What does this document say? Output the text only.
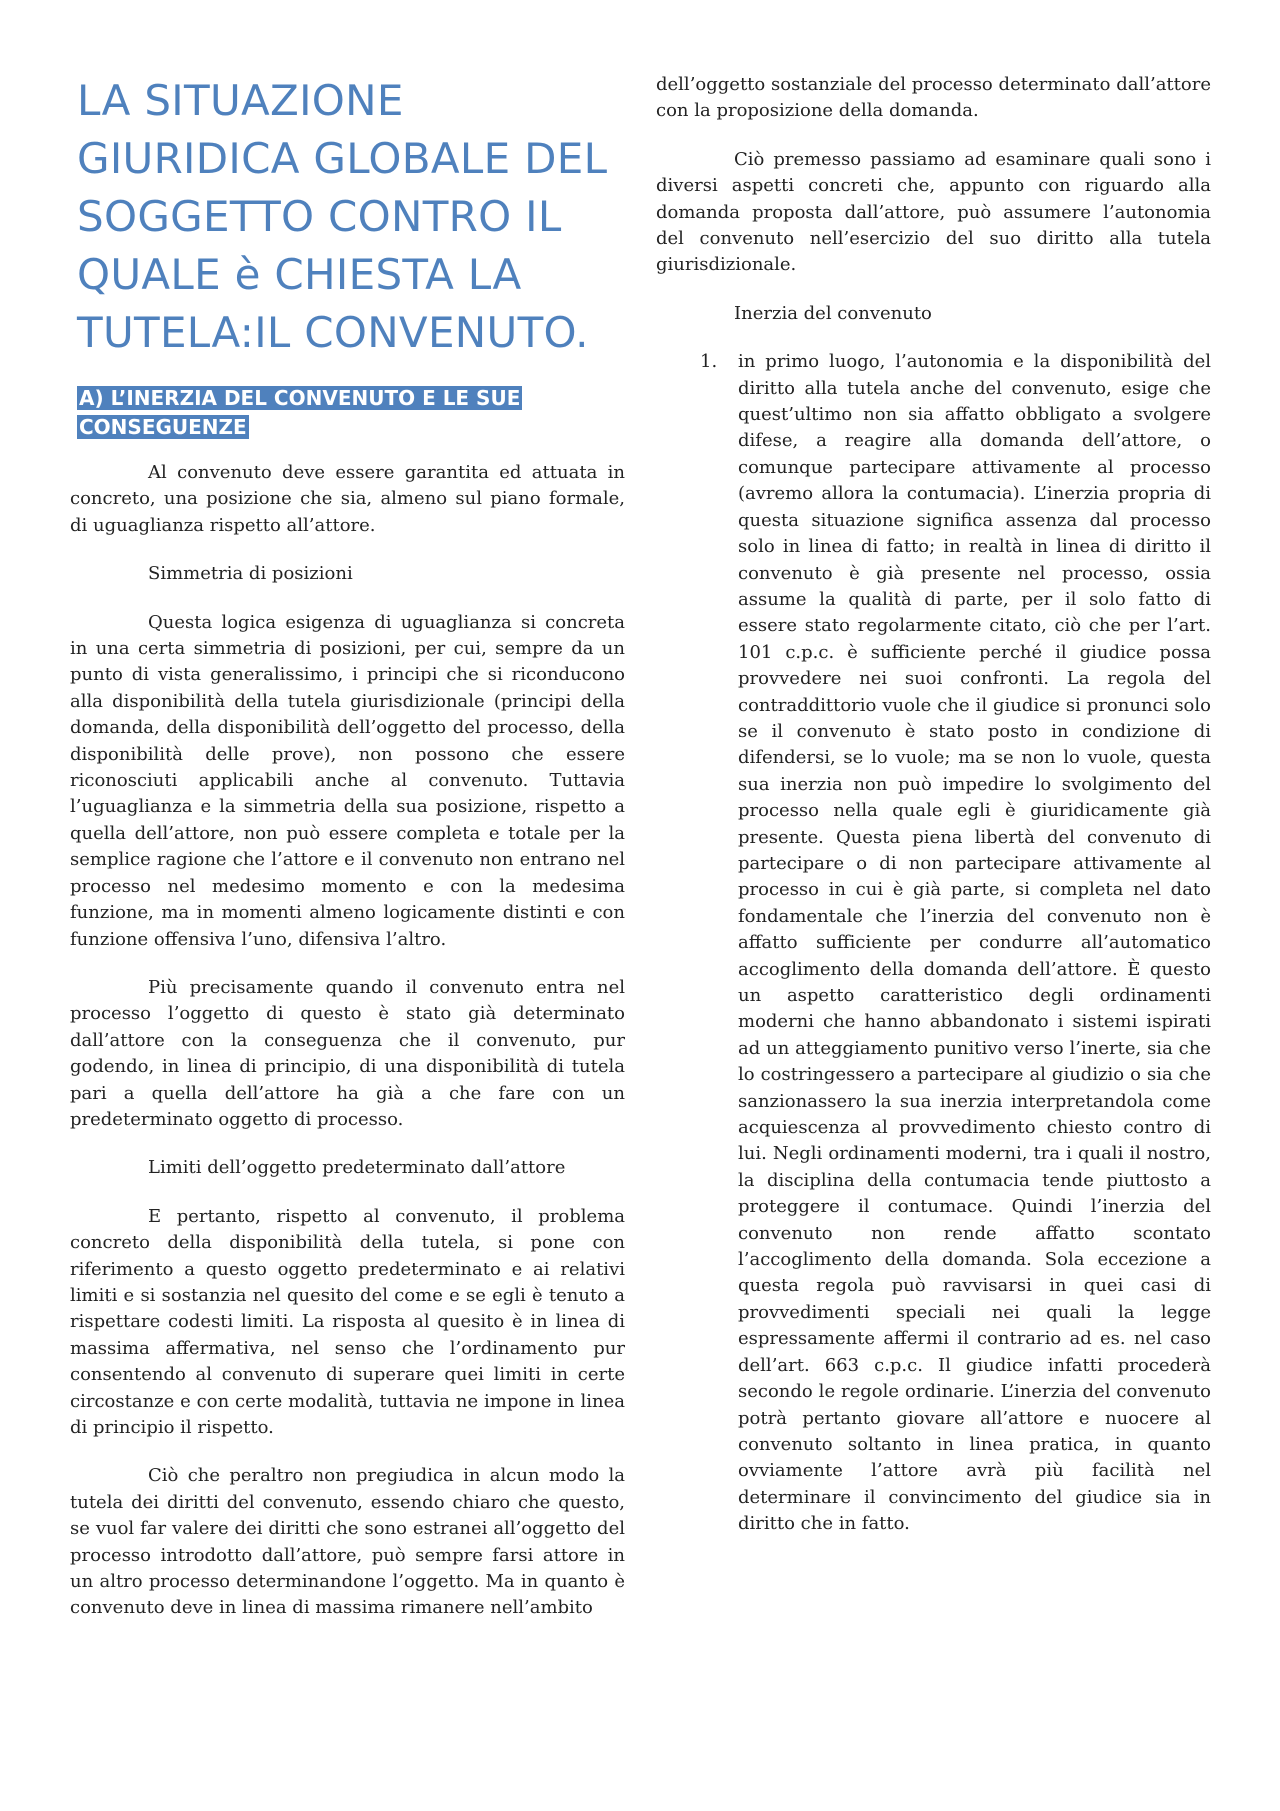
LA SITUAZIONE GIURIDICA GLOBALE DEL SOGGETTO CONTRO IL QUALE è CHIESTA LA TUTELA:IL CONVENUTO.
A) L’INERZIA DEL CONVENUTO E LE SUE CONSEGUENZE

Al convenuto deve essere garantita ed attuata in concreto, una posizione che sia, almeno sul piano formale, di uguaglianza rispetto all’attore.

Simmetria di posizioni

Questa logica esigenza di uguaglianza si concreta in una certa simmetria di posizioni, per cui, sempre da un punto di vista generalissimo, i principi che si riconducono alla disponibilità della tutela giurisdizionale (principi della domanda, della disponibilità dell’oggetto del processo, della disponibilità delle prove), non possono che essere riconosciuti applicabili anche al convenuto. Tuttavia l’uguaglianza e la simmetria della sua posizione, rispetto a quella dell’attore, non può essere completa e totale per la semplice ragione che l’attore e il convenuto non entrano nel processo nel medesimo momento e con la medesima funzione, ma in momenti almeno logicamente distinti e con funzione offensiva l’uno, difensiva l’altro.

Più precisamente quando il convenuto entra nel processo l’oggetto di questo è stato già determinato dall’attore con la conseguenza che il convenuto, pur godendo, in linea di principio, di una disponibilità di tutela pari a quella dell’attore ha già a che fare con un predeterminato oggetto di processo.

Limiti dell’oggetto predeterminato dall’attore

E pertanto, rispetto al convenuto, il problema concreto della disponibilità della tutela, si pone con riferimento a questo oggetto predeterminato e ai relativi limiti e si sostanzia nel quesito del come e se egli è tenuto a rispettare codesti limiti. La risposta al quesito è in linea di massima affermativa, nel senso che l’ordinamento pur consentendo al convenuto di superare quei limiti in certe circostanze e con certe modalità, tuttavia ne impone in linea di principio il rispetto.

Ciò che peraltro non pregiudica in alcun modo la tutela dei diritti del convenuto, essendo chiaro che questo, se vuol far valere dei diritti che sono estranei all’oggetto del processo introdotto dall’attore, può sempre farsi attore in un altro processo determinandone l’oggetto. Ma in quanto è convenuto deve in linea di massima rimanere nell’ambito

dell’oggetto sostanziale del processo determinato dall’attore con la proposizione della domanda.

Ciò premesso passiamo ad esaminare quali sono i diversi aspetti concreti che, appunto con riguardo alla domanda proposta dall’attore, può assumere l’autonomia del convenuto nell’esercizio del suo diritto alla tutela giurisdizionale.

Inerzia del convenuto

1. in primo luogo, l’autonomia e la disponibilità del diritto alla tutela anche del convenuto, esige che quest’ultimo non sia affatto obbligato a svolgere difese, a reagire alla domanda dell’attore, o comunque partecipare attivamente al processo (avremo allora la contumacia). L’inerzia propria di questa situazione significa assenza dal processo solo in linea di fatto; in realtà in linea di diritto il convenuto è già presente nel processo, ossia assume la qualità di parte, per il solo fatto di essere stato regolarmente citato, ciò che per l’art. 101 c.p.c. è sufficiente perché il giudice possa provvedere nei suoi confronti. La regola del contraddittorio vuole che il giudice si pronunci solo se il convenuto è stato posto in condizione di difendersi, se lo vuole; ma se non lo vuole, questa sua inerzia non può impedire lo svolgimento del processo nella quale egli è giuridicamente già presente. Questa piena libertà del convenuto di partecipare o di non partecipare attivamente al processo in cui è già parte, si completa nel dato fondamentale che l’inerzia del convenuto non è affatto sufficiente per condurre all’automatico accoglimento della domanda dell’attore. È questo un aspetto caratteristico degli ordinamenti moderni che hanno abbandonato i sistemi ispirati ad un atteggiamento punitivo verso l’inerte, sia che lo costringessero a partecipare al giudizio o sia che sanzionassero la sua inerzia interpretandola come acquiescenza al provvedimento chiesto contro di lui. Negli ordinamenti moderni, tra i quali il nostro, la disciplina della contumacia tende piuttosto a proteggere il contumace. Quindi l’inerzia del convenuto non rende affatto scontato l’accoglimento della domanda. Sola eccezione a questa regola può ravvisarsi in quei casi di provvedimenti speciali nei quali la legge espressamente affermi il contrario ad es. nel caso dell’art. 663 c.p.c. Il giudice infatti procederà secondo le regole ordinarie. L’inerzia del convenuto potrà pertanto giovare all’attore e nuocere al convenuto soltanto in linea pratica, in quanto ovviamente l’attore avrà più facilità nel determinare il convincimento del giudice sia in diritto che in fatto.
